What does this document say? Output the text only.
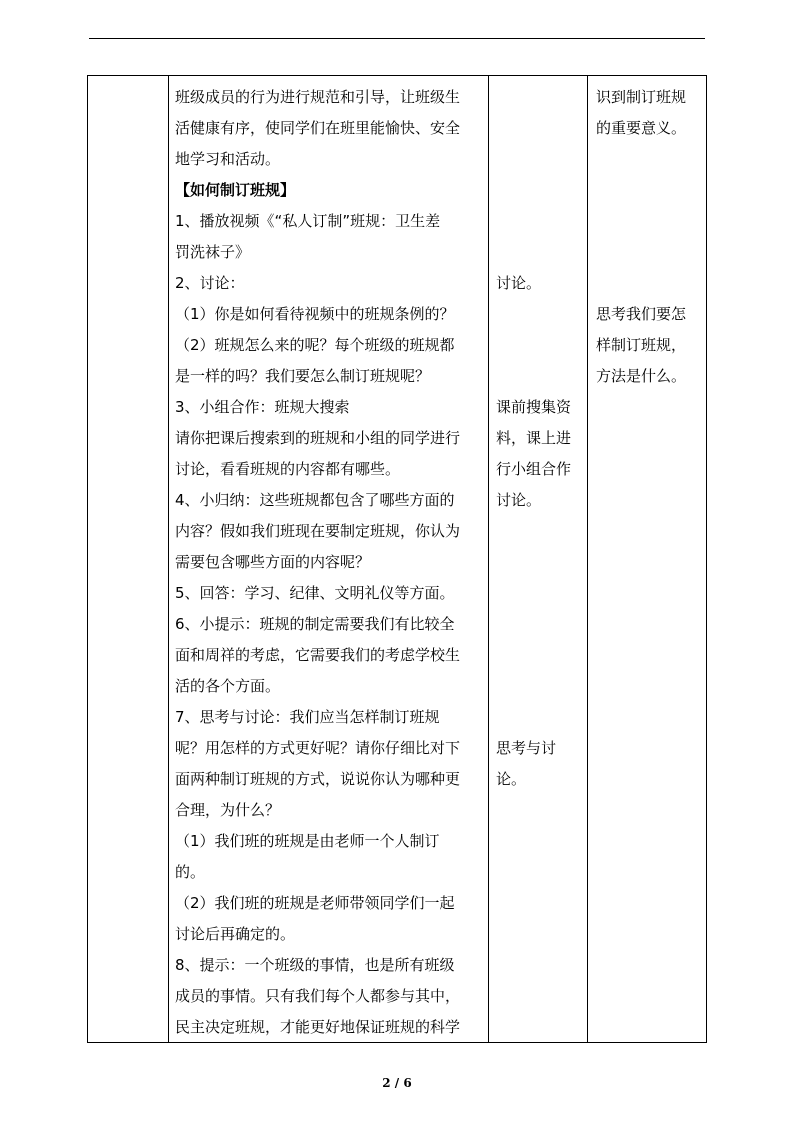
班级成员的行为进行规范和引导，让班级生

活健康有序，使同学们在班里能愉快、安全

地学习和活动。

【如何制订班规】

1、播放视频《“私人订制”班规：卫生差

罚洗袜子》

2、讨论：

（1）你是如何看待视频中的班规条例的？

（2）班规怎么来的呢？每个班级的班规都

是一样的吗？我们要怎么制订班规呢？

3、小组合作：班规大搜索

请你把课后搜索到的班规和小组的同学进行

讨论，看看班规的内容都有哪些。

4、小归纳：这些班规都包含了哪些方面的

内容？假如我们班现在要制定班规，你认为

需要包含哪些方面的内容呢？

5、回答：学习、纪律、文明礼仪等方面。

6、小提示：班规的制定需要我们有比较全

面和周祥的考虑，它需要我们的考虑学校生

活的各个方面。

7、思考与讨论：我们应当怎样制订班规

呢？用怎样的方式更好呢？请你仔细比对下

面两种制订班规的方式，说说你认为哪种更

合理，为什么？

（1）我们班的班规是由老师一个人制订

的。

（2）我们班的班规是老师带领同学们一起

讨论后再确定的。

8、提示：一个班级的事情，也是所有班级

成员的事情。只有我们每个人都参与其中，

民主决定班规，才能更好地保证班规的科学

讨论。

课前搜集资

料，课上进

行小组合作

讨论。

思考与讨

论。

识到制订班规

的重要意义。

思考我们要怎

样制订班规，

方法是什么。

2 / 6
